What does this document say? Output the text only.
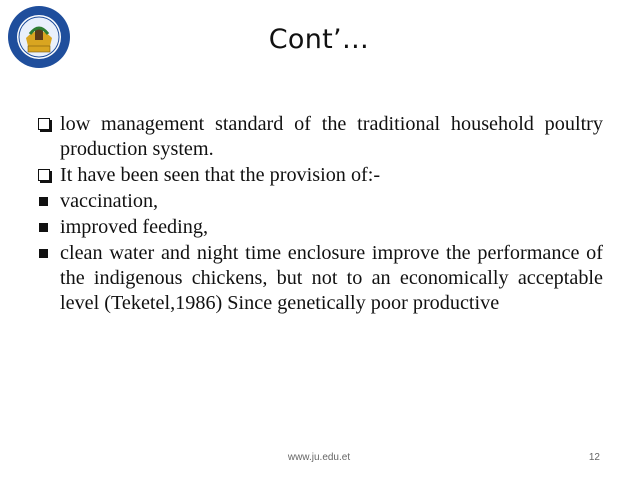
Cont’…
low management standard of the traditional household poultry production system.
It have been seen that the provision of:-
vaccination,
improved feeding,
clean water and night time enclosure improve the performance of the indigenous chickens, but not to an economically acceptable level (Teketel,1986) Since genetically poor productive
www.ju.edu.et	12
